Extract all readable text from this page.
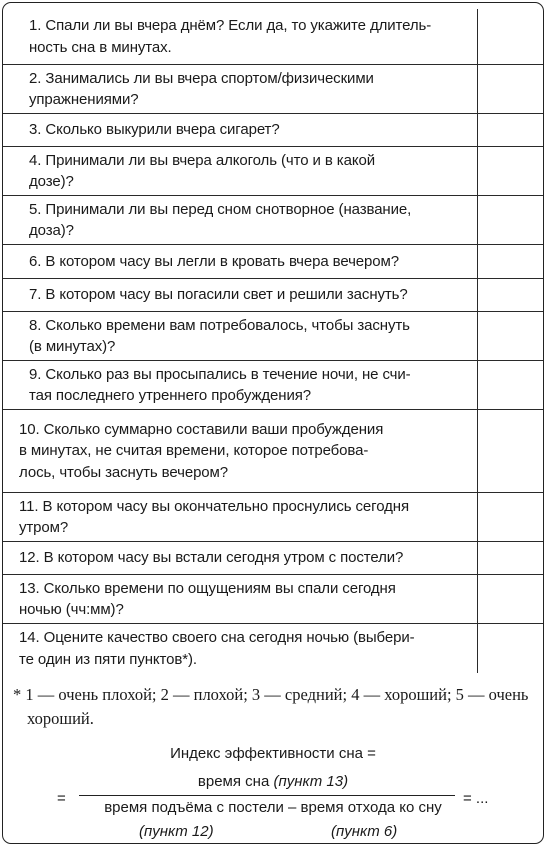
1. Спали ли вы вчера днём? Если да, то укажите длитель-
ность сна в минутах.
2. Занимались ли вы вчера спортом/физическими
упражнениями?
3. Сколько выкурили вчера сигарет?
4. Принимали ли вы вчера алкоголь (что и в какой
дозе)?
5. Принимали ли вы перед сном снотворное (название,
доза)?
6. В котором часу вы легли в кровать вчера вечером?
7. В котором часу вы погасили свет и решили заснуть?
8. Сколько времени вам потребовалось, чтобы заснуть
(в минутах)?
9. Сколько раз вы просыпались в течение ночи, не счи-
тая последнего утреннего пробуждения?
10. Сколько суммарно составили ваши пробуждения
в минутах, не считая времени, которое потребова-
лось, чтобы заснуть вечером?
11. В котором часу вы окончательно проснулись сегодня
утром?
12. В котором часу вы встали сегодня утром с постели?
13. Сколько времени по ощущениям вы спали сегодня
ночью (чч:мм)?
14. Оцените качество своего сна сегодня ночью (выбери-
те один из пяти пунктов*).
* 1 — очень плохой; 2 — плохой; 3 — средний; 4 — хороший; 5 — очень хороший.
Индекс эффективности сна =
время сна (пункт 13)
=
время подъёма с постели – время отхода ко сну
= ...
(пункт 12)	(пункт 6)
